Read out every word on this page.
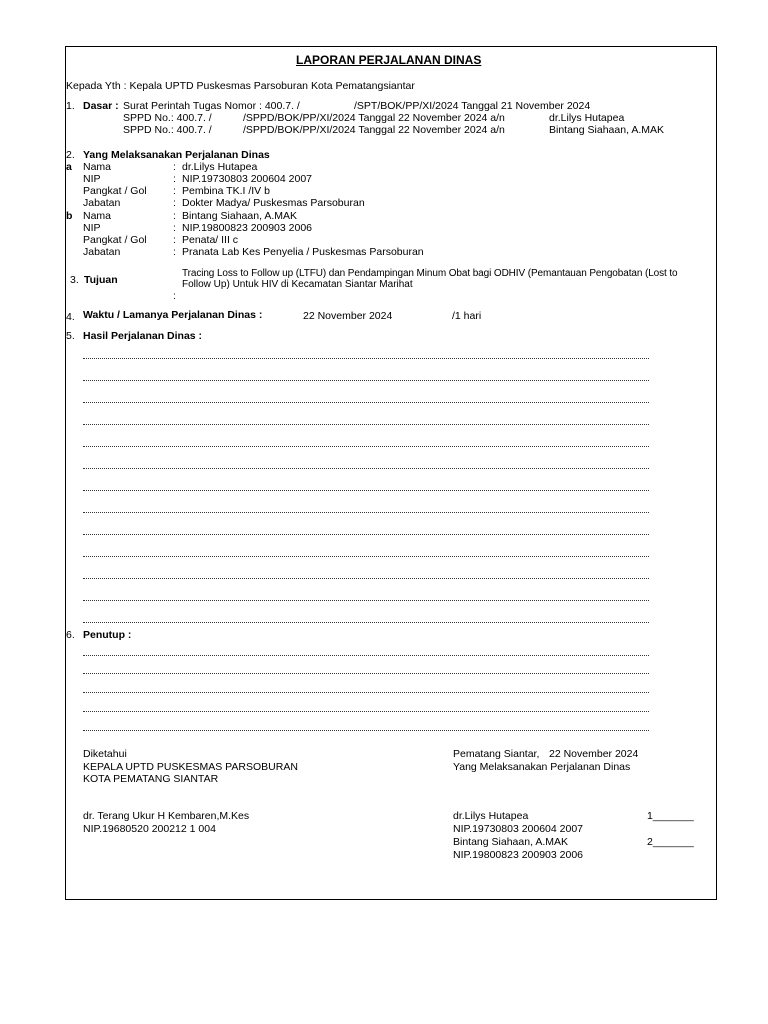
LAPORAN PERJALANAN DINAS
Kepada Yth : Kepala UPTD Puskesmas Parsoburan Kota Pematangsiantar
1. Dasar : Surat Perintah Tugas Nomor : 400.7. /	/SPT/BOK/PP/XI/2024 Tanggal 21 November 2024
SPPD No.: 400.7. /	/SPPD/BOK/PP/XI/2024 Tanggal 22 November 2024 a/n	dr.Lilys Hutapea
SPPD No.: 400.7. /	/SPPD/BOK/PP/XI/2024 Tanggal 22 November 2024 a/n	Bintang Siahaan, A.MAK
2. Yang Melaksanakan Perjalanan Dinas
a Nama	: dr.Lilys Hutapea
NIP	: NIP.19730803 200604 2007
Pangkat / Gol	: Pembina TK.I /IV b
Jabatan	: Dokter Madya/ Puskesmas Parsoburan
b Nama	: Bintang Siahaan, A.MAK
NIP	: NIP.19800823 200903 2006
Pangkat / Gol	: Penata/ III c
Jabatan	: Pranata Lab Kes Penyelia / Puskesmas Parsoburan
3. Tujuan
Tracing Loss to Follow up (LTFU) dan Pendampingan Minum Obat bagi ODHIV (Pemantauan Pengobatan (Lost to
Follow Up) Untuk HIV di Kecamatan Siantar Marihat
:
4. Waktu / Lamanya Perjalanan Dinas :	22 November 2024	/1 hari
5. Hasil Perjalanan Dinas :
6. Penutup :
Diketahui
KEPALA UPTD PUSKESMAS PARSOBURAN
KOTA PEMATANG SIANTAR
Pematang Siantar, 22 November 2024
Yang Melaksanakan Perjalanan Dinas
dr. Terang Ukur H Kembaren,M.Kes
NIP.19680520 200212 1 004
dr.Lilys Hutapea	1_______
NIP.19730803 200604 2007
Bintang Siahaan, A.MAK	2_______
NIP.19800823 200903 2006
